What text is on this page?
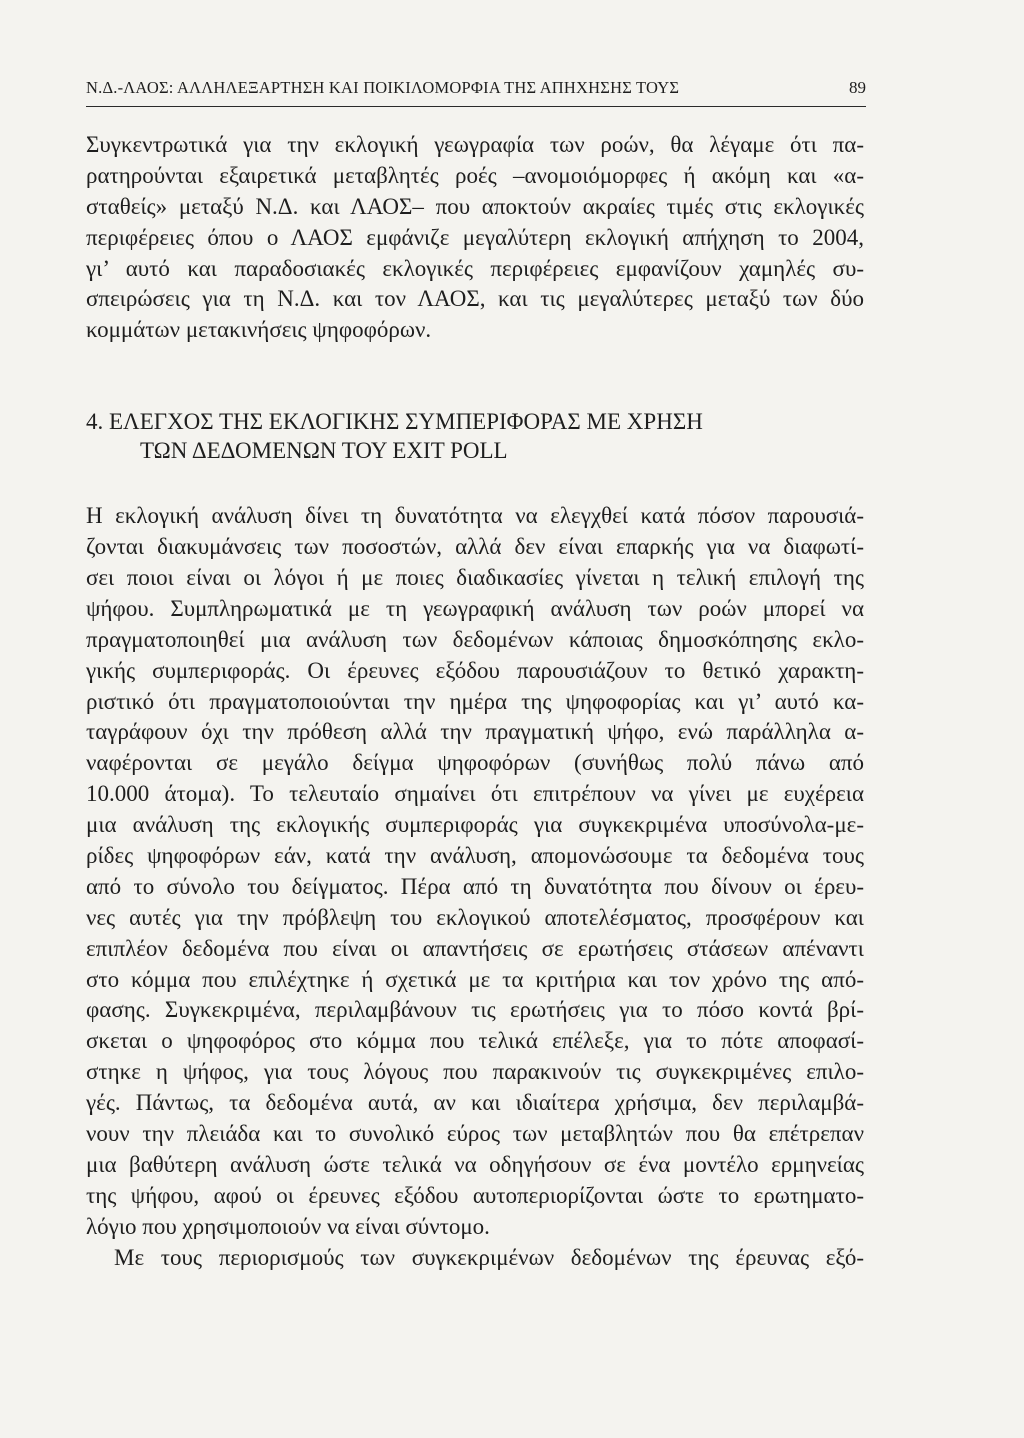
Ν.Δ.-ΛΑΟΣ: ΑΛΛΗΛΕΞΑΡΤΗΣΗ ΚΑΙ ΠΟΙΚΙΛΟΜΟΡΦΙΑ ΤΗΣ ΑΠΗΧΗΣΗΣ ΤΟΥΣ	89
Συγκεντρωτικά για την εκλογική γεωγραφία των ροών, θα λέγαμε ότι πα-
ρατηρούνται εξαιρετικά μεταβλητές ροές –ανομοιόμορφες ή ακόμη και «α-
σταθείς» μεταξύ Ν.Δ. και ΛΑΟΣ– που αποκτούν ακραίες τιμές στις εκλογικές
περιφέρειες όπου ο ΛΑΟΣ εμφάνιζε μεγαλύτερη εκλογική απήχηση το 2004,
γι’ αυτό και παραδοσιακές εκλογικές περιφέρειες εμφανίζουν χαμηλές συ-
σπειρώσεις για τη Ν.Δ. και τον ΛΑΟΣ, και τις μεγαλύτερες μεταξύ των δύο
κομμάτων μετακινήσεις ψηφοφόρων.
4. ΕΛΕΓΧΟΣ ΤΗΣ ΕΚΛΟΓΙΚΗΣ ΣΥΜΠΕΡΙΦΟΡΑΣ ΜΕ ΧΡΗΣΗ
ΤΩΝ ΔΕΔΟΜΕΝΩΝ ΤΟΥ EXIT POLL
Η εκλογική ανάλυση δίνει τη δυνατότητα να ελεγχθεί κατά πόσον παρουσιά-
ζονται διακυμάνσεις των ποσοστών, αλλά δεν είναι επαρκής για να διαφωτί-
σει ποιοι είναι οι λόγοι ή με ποιες διαδικασίες γίνεται η τελική επιλογή της
ψήφου. Συμπληρωματικά με τη γεωγραφική ανάλυση των ροών μπορεί να
πραγματοποιηθεί μια ανάλυση των δεδομένων κάποιας δημοσκόπησης εκλο-
γικής συμπεριφοράς. Οι έρευνες εξόδου παρουσιάζουν το θετικό χαρακτη-
ριστικό ότι πραγματοποιούνται την ημέρα της ψηφοφορίας και γι’ αυτό κα-
ταγράφουν όχι την πρόθεση αλλά την πραγματική ψήφο, ενώ παράλληλα α-
ναφέρονται σε μεγάλο δείγμα ψηφοφόρων (συνήθως πολύ πάνω από
10.000 άτομα). Το τελευταίο σημαίνει ότι επιτρέπουν να γίνει με ευχέρεια
μια ανάλυση της εκλογικής συμπεριφοράς για συγκεκριμένα υποσύνολα-με-
ρίδες ψηφοφόρων εάν, κατά την ανάλυση, απομονώσουμε τα δεδομένα τους
από το σύνολο του δείγματος. Πέρα από τη δυνατότητα που δίνουν οι έρευ-
νες αυτές για την πρόβλεψη του εκλογικού αποτελέσματος, προσφέρουν και
επιπλέον δεδομένα που είναι οι απαντήσεις σε ερωτήσεις στάσεων απέναντι
στο κόμμα που επιλέχτηκε ή σχετικά με τα κριτήρια και τον χρόνο της από-
φασης. Συγκεκριμένα, περιλαμβάνουν τις ερωτήσεις για το πόσο κοντά βρί-
σκεται ο ψηφοφόρος στο κόμμα που τελικά επέλεξε, για το πότε αποφασί-
στηκε η ψήφος, για τους λόγους που παρακινούν τις συγκεκριμένες επιλο-
γές. Πάντως, τα δεδομένα αυτά, αν και ιδιαίτερα χρήσιμα, δεν περιλαμβά-
νουν την πλειάδα και το συνολικό εύρος των μεταβλητών που θα επέτρεπαν
μια βαθύτερη ανάλυση ώστε τελικά να οδηγήσουν σε ένα μοντέλο ερμηνείας
της ψήφου, αφού οι έρευνες εξόδου αυτοπεριορίζονται ώστε το ερωτηματο-
λόγιο που χρησιμοποιούν να είναι σύντομο.
Με τους περιορισμούς των συγκεκριμένων δεδομένων της έρευνας εξό-
